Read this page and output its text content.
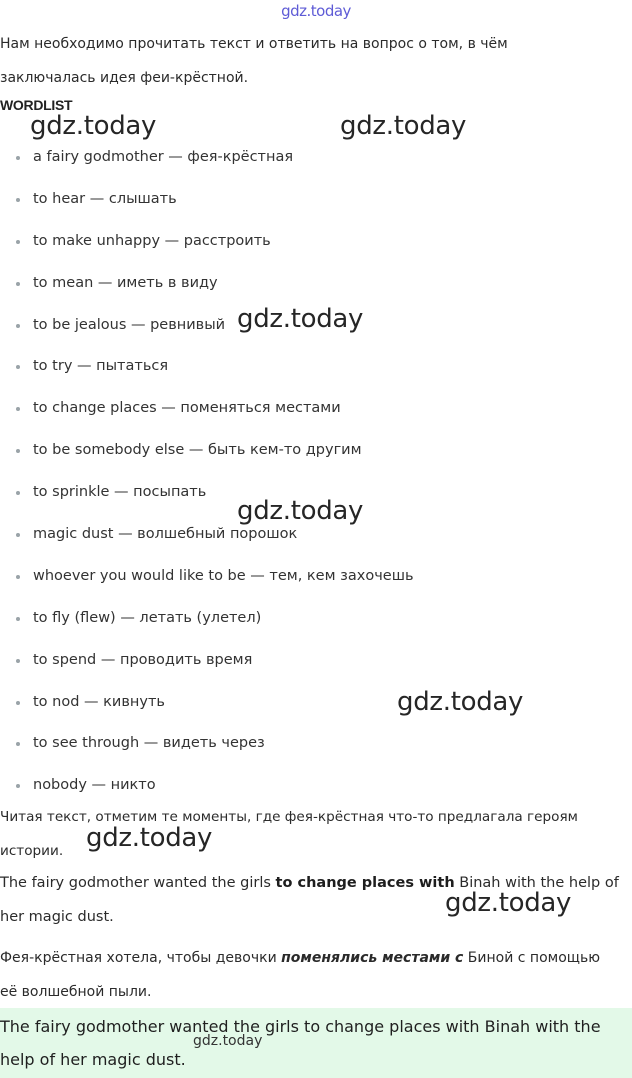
gdz.today
Нам необходимо прочитать текст и ответить на вопрос о том, в чём
заключалась идея феи-крёстной.
WORDLIST
a fairy godmother — фея-крёстная
to hear — слышать
to make unhappy — расстроить
to mean — иметь в виду
to be jealous — ревнивый
to try — пытаться
to change places — поменяться местами
to be somebody else — быть кем-то другим
to sprinkle — посыпать
magic dust — волшебный порошок
whoever you would like to be — тем, кем захочешь
to fly (flew) — летать (улетел)
to spend — проводить время
to nod — кивнуть
to see through — видеть через
nobody — никто
Читая текст, отметим те моменты, где фея-крёстная что-то предлагала героям
истории.
The fairy godmother wanted the girls to change places with Binah with the help of
her magic dust.
Фея-крёстная хотела, чтобы девочки поменялись местами с Биной с помощью
её волшебной пыли.

The fairy godmother wanted the girls to change places with Binah with the
help of her magic dust.

gdz.today	gdz.today
gdz.today
gdz.today
gdz.today
gdz.today
gdz.today
gdz.today
